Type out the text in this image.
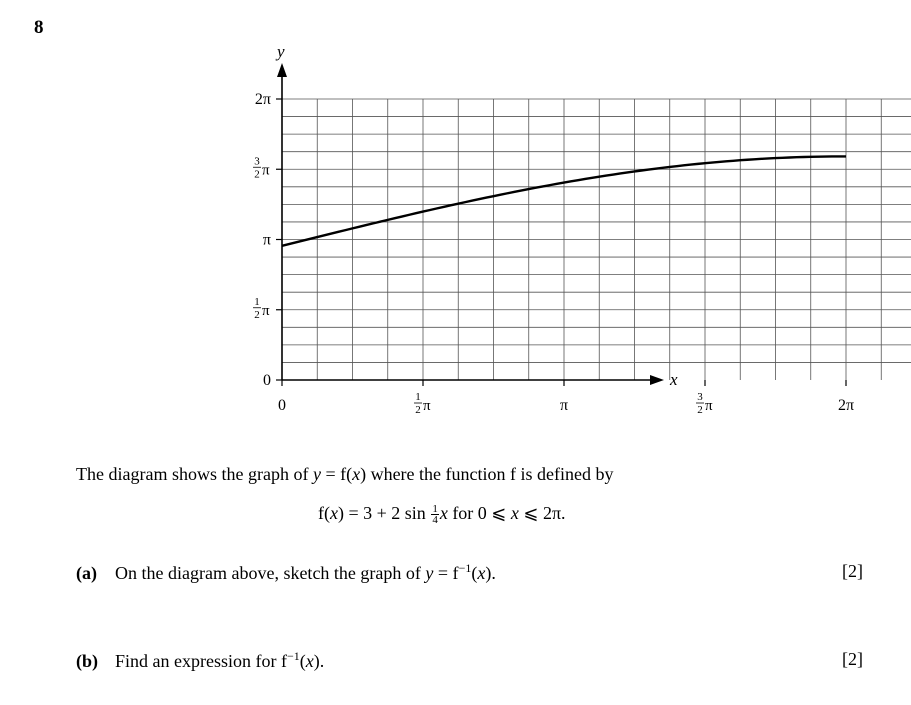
8
x
y
0	1
2 π	π	3
2 π	2π
0
1
2 π
π
3
2 π
2π
The diagram shows the graph of y = f(x) where the function f is defined by
f(x) = 3 + 2 $\sin \frac{1}{4}$ x for 0 ⩽ x ⩽ 2π.
(a) On the diagram above, sketch the graph of $y = f^{-1}(x)$.	[2]
(b) Find an expression for $f^{-1}(x)$.	[2]
